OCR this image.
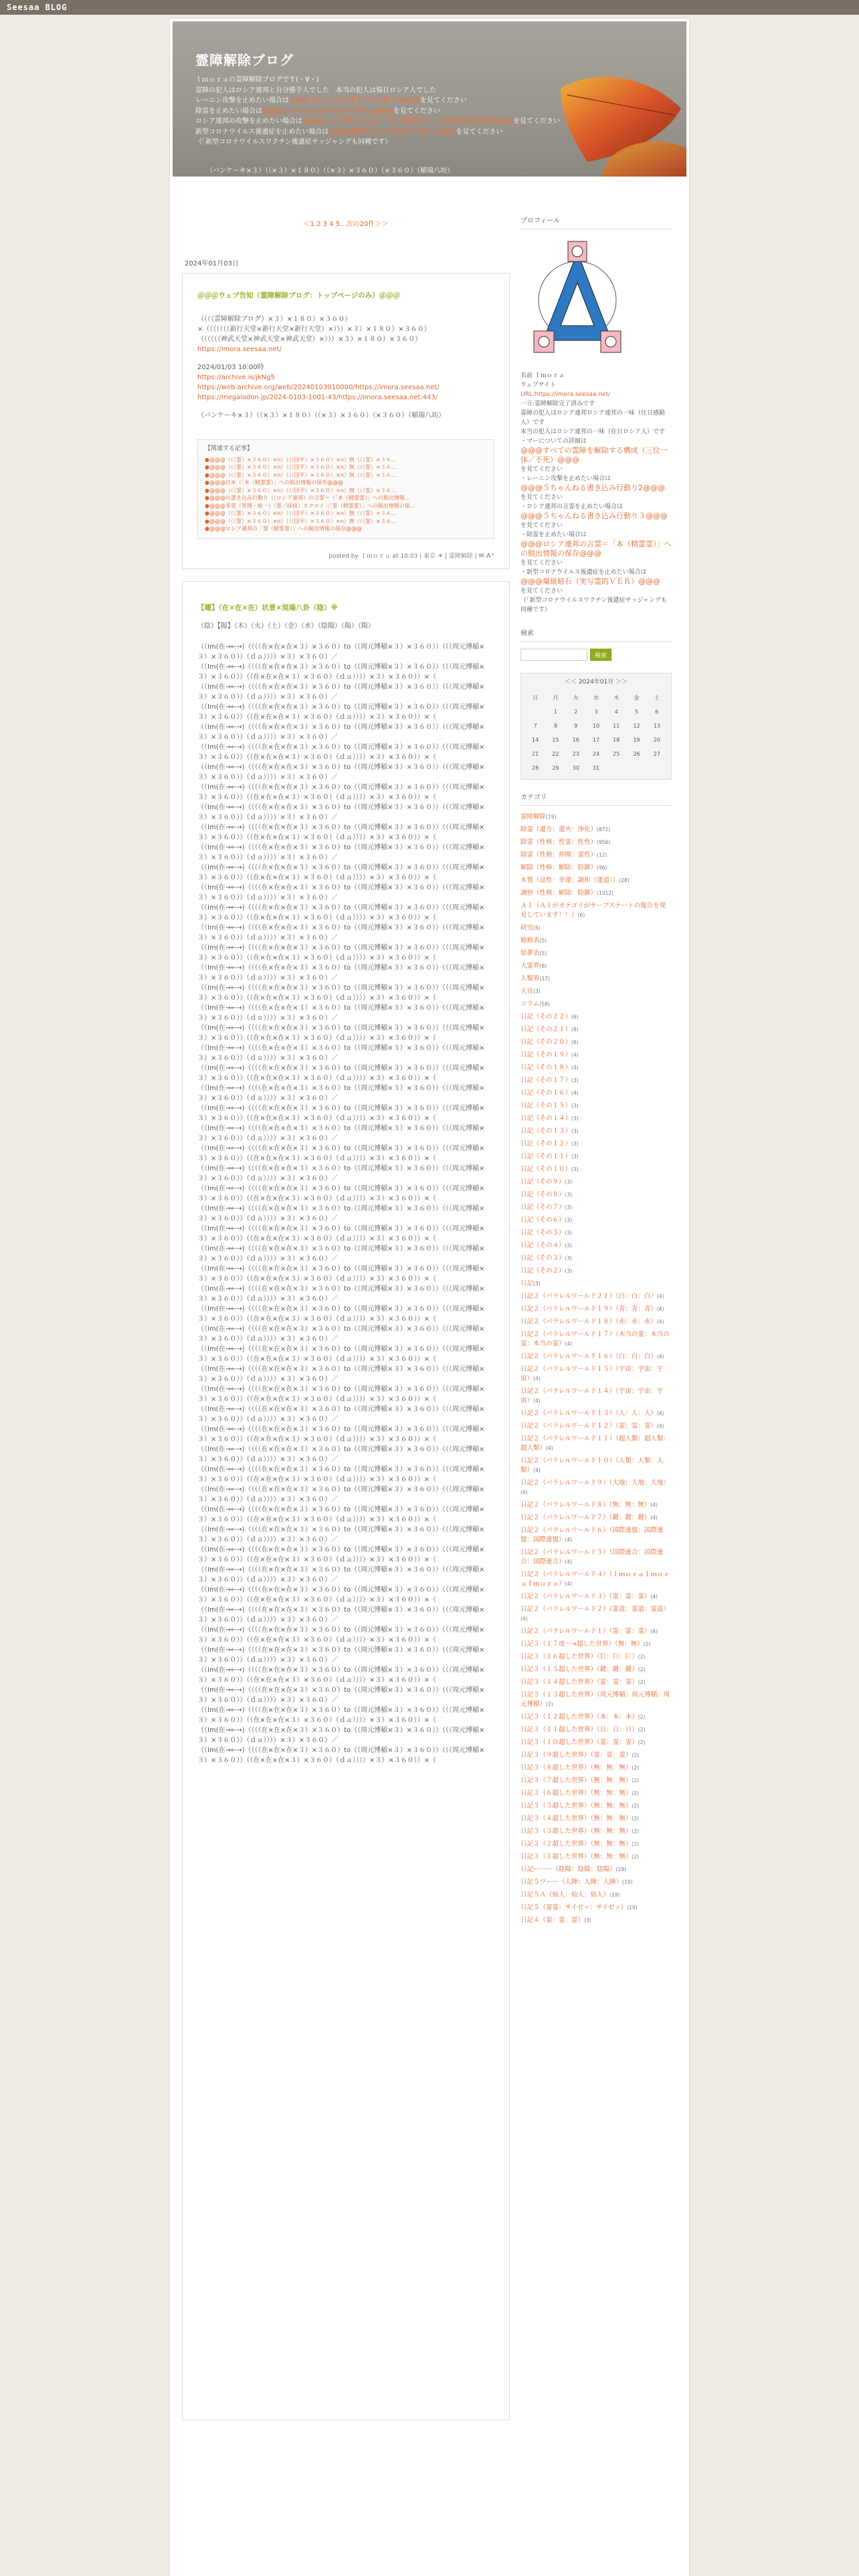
Seesaa BLOG
霊障解除ブログ
Ｉｍｏｒａの霊障解除ブログです(・∀・)
霊障の犯人はロシア連邦と自分勝手人でした　本当の犯人は悩日ロシア人でした
レーニン攻撃を止めたい場合は@@@ 5ちゃんねる書き込み行動り2@@@を見てください
除霊を止めたい場合は@@@ 5ちゃんねる書き込み行動り3@@@を見てください
ロシア連邦の攻撃を止めたい場合は@@@ロシア連邦の言霊＝「本（精霊霊）」への脱出情報の保存@@@を見てください
新型コロナウイルス後遺症を止めたい場合は@@@爆級暗石（実写霊的ＶＥＲ）@@@を見てください
（「新型コロナウイルスワクチン後遺症サッジャングも同種です）
（バンケーキ×３）（（×３）×１８０）（（×３）×３６０）（×３６０）（稲瑞八坊）
＜1 2 3 4 5.. 次の20件＞＞
2024年01月03日
＠＠＠ウェブ告知（霊障解除ブログ：トップページのみ）＠＠＠

（（（（霊障解除ブログ）×３）×１８０）×３６０）

×（（（（（（（新行天堂×新行天堂×新行天堂）×）））×３）×１８０）×３６０）

（（（（（（神武天堂×神武天堂×神武天堂）×）））×３）×１８０）×３６０）

https://imora.seesaa.net/

2024/01/03 10:00時

https://archive.is/jkNg5

https://web.archive.org/web/20240103010000/https://imora.seesaa.net/

https://megalodon.jp/2024-0103-1001-43/https://imora.seesaa.net:443/

（バンケーキ×３）（（×３）×１８０）（（×３）×３６０）（×３６０）（稲瑞八坊）

【関連する記事】
●@@@（（（霊）×３６０）×n）（（（団平）×３６０）×n）無（（（霊）×３６...
●@@@（（（霊）×３６０）×n）（（（団平）×３６０）×n）無（（（霊）×３６...
●@@@（（（霊）×３６０）×n）（（（団平）×３６０）×n）無（（（霊）×３６...
●@@@日本（「本（精霊霊）」への脱出情報の保存@@@
●@@@（（（霊）×３６０）×n）（（（団平）×３６０）×n）無（（（霊）×３６...
●@@@の書き込み行動り（（ロシア連邦）の言霊＝（「本（精霊霊）」への脱出情報...
●@@@非常（管理・統一）（霊／抹枝）スクロイ（「霊（精霊霊）」への脱出情報の保...
●@@@（（（霊）×３６０）×n）（（（団平）×３６０）×n）無（（（霊）×３６...
●@@@（（（霊）×３６０）×n）（（（団平）×３６０）×n）無（（（霊）×３６...
●@@@ロシア連邦の「霊（精霊霊）」への脱出情報の保存@@@
posted by Ｉｍｏｒａ at 10:03 | 東京 ☀ | 霊障解除 | ✉ A⁺
【曜】（在×在×在）状景×現場八卦（陰）※
（陰）【陽】（木）（火）（土）（金）（水）（陰陽）（陽）（陽）
（（Im(在→←→)（（（（在×在×在×３）×３６０）to（（周元博稲×３）×３６０））（（（周元博稲×３）×３６０））（ｄａ））））×３）×３６０）／
（（Im(在→←→)（（（（在×在×在×３）×３６０）to（（周元博稲×３）×３６０））（（（周元博稲×３）×３６０））（（在×在×在×３）×３６０）（ｄａ））））×３）×３６０））×（
（（Im(在→←→)（（（（在×在×在×３）×３６０）to（（周元博稲×３）×３６０））（（（周元博稲×３）×３６０））（ｄａ））））×３）×３６０）／
（（Im(在→←→)（（（（在×在×在×３）×３６０）to（（周元博稲×３）×３６０））（（（周元博稲×３）×３６０））（（在×在×在×３）×３６０）（ｄａ））））×３）×３６０））×（
（（Im(在→←→)（（（（在×在×在×３）×３６０）to（（周元博稲×３）×３６０））（（（周元博稲×３）×３６０））（ｄａ））））×３）×３６０）／
（（Im(在→←→)（（（（在×在×在×３）×３６０）to（（周元博稲×３）×３６０））（（（周元博稲×３）×３６０））（（在×在×在×３）×３６０）（ｄａ））））×３）×３６０））×（
（（Im(在→←→)（（（（在×在×在×３）×３６０）to（（周元博稲×３）×３６０））（（（周元博稲×３）×３６０））（ｄａ））））×３）×３６０）／
（（Im(在→←→)（（（（在×在×在×３）×３６０）to（（周元博稲×３）×３６０））（（（周元博稲×３）×３６０））（（在×在×在×３）×３６０）（ｄａ））））×３）×３６０））×（
（（Im(在→←→)（（（（在×在×在×３）×３６０）to（（周元博稲×３）×３６０））（（（周元博稲×３）×３６０））（ｄａ））））×３）×３６０）／
（（Im(在→←→)（（（（在×在×在×３）×３６０）to（（周元博稲×３）×３６０））（（（周元博稲×３）×３６０））（（在×在×在×３）×３６０）（ｄａ））））×３）×３６０））×（
（（Im(在→←→)（（（（在×在×在×３）×３６０）to（（周元博稲×３）×３６０））（（（周元博稲×３）×３６０））（ｄａ））））×３）×３６０）／
（（Im(在→←→)（（（（在×在×在×３）×３６０）to（（周元博稲×３）×３６０））（（（周元博稲×３）×３６０））（（在×在×在×３）×３６０）（ｄａ））））×３）×３６０））×（
（（Im(在→←→)（（（（在×在×在×３）×３６０）to（（周元博稲×３）×３６０））（（（周元博稲×３）×３６０））（ｄａ））））×３）×３６０）／
（（Im(在→←→)（（（（在×在×在×３）×３６０）to（（周元博稲×３）×３６０））（（（周元博稲×３）×３６０））（（在×在×在×３）×３６０）（ｄａ））））×３）×３６０））×（
（（Im(在→←→)（（（（在×在×在×３）×３６０）to（（周元博稲×３）×３６０））（（（周元博稲×３）×３６０））（ｄａ））））×３）×３６０）／
（（Im(在→←→)（（（（在×在×在×３）×３６０）to（（周元博稲×３）×３６０））（（（周元博稲×３）×３６０））（（在×在×在×３）×３６０）（ｄａ））））×３）×３６０））×（
（（Im(在→←→)（（（（在×在×在×３）×３６０）to（（周元博稲×３）×３６０））（（（周元博稲×３）×３６０））（ｄａ））））×３）×３６０）／
（（Im(在→←→)（（（（在×在×在×３）×３６０）to（（周元博稲×３）×３６０））（（（周元博稲×３）×３６０））（（在×在×在×３）×３６０）（ｄａ））））×３）×３６０））×（
（（Im(在→←→)（（（（在×在×在×３）×３６０）to（（周元博稲×３）×３６０））（（（周元博稲×３）×３６０））（ｄａ））））×３）×３６０）／
（（Im(在→←→)（（（（在×在×在×３）×３６０）to（（周元博稲×３）×３６０））（（（周元博稲×３）×３６０））（（在×在×在×３）×３６０）（ｄａ））））×３）×３６０））×（
（（Im(在→←→)（（（（在×在×在×３）×３６０）to（（周元博稲×３）×３６０））（（（周元博稲×３）×３６０））（ｄａ））））×３）×３６０）／
（（Im(在→←→)（（（（在×在×在×３）×３６０）to（（周元博稲×３）×３６０））（（（周元博稲×３）×３６０））（（在×在×在×３）×３６０）（ｄａ））））×３）×３６０））×（
（（Im(在→←→)（（（（在×在×在×３）×３６０）to（（周元博稲×３）×３６０））（（（周元博稲×３）×３６０））（ｄａ））））×３）×３６０）／
（（Im(在→←→)（（（（在×在×在×３）×３６０）to（（周元博稲×３）×３６０））（（（周元博稲×３）×３６０））（（在×在×在×３）×３６０）（ｄａ））））×３）×３６０））×（
（（Im(在→←→)（（（（在×在×在×３）×３６０）to（（周元博稲×３）×３６０））（（（周元博稲×３）×３６０））（ｄａ））））×３）×３６０）／
（（Im(在→←→)（（（（在×在×在×３）×３６０）to（（周元博稲×３）×３６０））（（（周元博稲×３）×３６０））（（在×在×在×３）×３６０）（ｄａ））））×３）×３６０））×（
（（Im(在→←→)（（（（在×在×在×３）×３６０）to（（周元博稲×３）×３６０））（（（周元博稲×３）×３６０））（ｄａ））））×３）×３６０）／
（（Im(在→←→)（（（（在×在×在×３）×３６０）to（（周元博稲×３）×３６０））（（（周元博稲×３）×３６０））（（在×在×在×３）×３６０）（ｄａ））））×３）×３６０））×（
（（Im(在→←→)（（（（在×在×在×３）×３６０）to（（周元博稲×３）×３６０））（（（周元博稲×３）×３６０））（ｄａ））））×３）×３６０）／
（（Im(在→←→)（（（（在×在×在×３）×３６０）to（（周元博稲×３）×３６０））（（（周元博稲×３）×３６０））（（在×在×在×３）×３６０）（ｄａ））））×３）×３６０））×（
（（Im(在→←→)（（（（在×在×在×３）×３６０）to（（周元博稲×３）×３６０））（（（周元博稲×３）×３６０））（ｄａ））））×３）×３６０）／
（（Im(在→←→)（（（（在×在×在×３）×３６０）to（（周元博稲×３）×３６０））（（（周元博稲×３）×３６０））（（在×在×在×３）×３６０）（ｄａ））））×３）×３６０））×（
（（Im(在→←→)（（（（在×在×在×３）×３６０）to（（周元博稲×３）×３６０））（（（周元博稲×３）×３６０））（ｄａ））））×３）×３６０）／
（（Im(在→←→)（（（（在×在×在×３）×３６０）to（（周元博稲×３）×３６０））（（（周元博稲×３）×３６０））（（在×在×在×３）×３６０）（ｄａ））））×３）×３６０））×（
（（Im(在→←→)（（（（在×在×在×３）×３６０）to（（周元博稲×３）×３６０））（（（周元博稲×３）×３６０））（ｄａ））））×３）×３６０）／
（（Im(在→←→)（（（（在×在×在×３）×３６０）to（（周元博稲×３）×３６０））（（（周元博稲×３）×３６０））（（在×在×在×３）×３６０）（ｄａ））））×３）×３６０））×（
（（Im(在→←→)（（（（在×在×在×３）×３６０）to（（周元博稲×３）×３６０））（（（周元博稲×３）×３６０））（ｄａ））））×３）×３６０）／
（（Im(在→←→)（（（（在×在×在×３）×３６０）to（（周元博稲×３）×３６０））（（（周元博稲×３）×３６０））（（在×在×在×３）×３６０）（ｄａ））））×３）×３６０））×（
（（Im(在→←→)（（（（在×在×在×３）×３６０）to（（周元博稲×３）×３６０））（（（周元博稲×３）×３６０））（ｄａ））））×３）×３６０）／
（（Im(在→←→)（（（（在×在×在×３）×３６０）to（（周元博稲×３）×３６０））（（（周元博稲×３）×３６０））（（在×在×在×３）×３６０）（ｄａ））））×３）×３６０））×（
（（Im(在→←→)（（（（在×在×在×３）×３６０）to（（周元博稲×３）×３６０））（（（周元博稲×３）×３６０））（ｄａ））））×３）×３６０）／
（（Im(在→←→)（（（（在×在×在×３）×３６０）to（（周元博稲×３）×３６０））（（（周元博稲×３）×３６０））（（在×在×在×３）×３６０）（ｄａ））））×３）×３６０））×（
（（Im(在→←→)（（（（在×在×在×３）×３６０）to（（周元博稲×３）×３６０））（（（周元博稲×３）×３６０））（ｄａ））））×３）×３６０）／
（（Im(在→←→)（（（（在×在×在×３）×３６０）to（（周元博稲×３）×３６０））（（（周元博稲×３）×３６０））（（在×在×在×３）×３６０）（ｄａ））））×３）×３６０））×（
（（Im(在→←→)（（（（在×在×在×３）×３６０）to（（周元博稲×３）×３６０））（（（周元博稲×３）×３６０））（ｄａ））））×３）×３６０）／
（（Im(在→←→)（（（（在×在×在×３）×３６０）to（（周元博稲×３）×３６０））（（（周元博稲×３）×３６０））（（在×在×在×３）×３６０）（ｄａ））））×３）×３６０））×（
（（Im(在→←→)（（（（在×在×在×３）×３６０）to（（周元博稲×３）×３６０））（（（周元博稲×３）×３６０））（ｄａ））））×３）×３６０）／
（（Im(在→←→)（（（（在×在×在×３）×３６０）to（（周元博稲×３）×３６０））（（（周元博稲×３）×３６０））（（在×在×在×３）×３６０）（ｄａ））））×３）×３６０））×（
（（Im(在→←→)（（（（在×在×在×３）×３６０）to（（周元博稲×３）×３６０））（（（周元博稲×３）×３６０））（ｄａ））））×３）×３６０）／
（（Im(在→←→)（（（（在×在×在×３）×３６０）to（（周元博稲×３）×３６０））（（（周元博稲×３）×３６０））（（在×在×在×３）×３６０）（ｄａ））））×３）×３６０））×（
（（Im(在→←→)（（（（在×在×在×３）×３６０）to（（周元博稲×３）×３６０））（（（周元博稲×３）×３６０））（ｄａ））））×３）×３６０）／
（（Im(在→←→)（（（（在×在×在×３）×３６０）to（（周元博稲×３）×３６０））（（（周元博稲×３）×３６０））（（在×在×在×３）×３６０）（ｄａ））））×３）×３６０））×（
（（Im(在→←→)（（（（在×在×在×３）×３６０）to（（周元博稲×３）×３６０））（（（周元博稲×３）×３６０））（ｄａ））））×３）×３６０）／
（（Im(在→←→)（（（（在×在×在×３）×３６０）to（（周元博稲×３）×３６０））（（（周元博稲×３）×３６０））（（在×在×在×３）×３６０）（ｄａ））））×３）×３６０））×（
（（Im(在→←→)（（（（在×在×在×３）×３６０）to（（周元博稲×３）×３６０））（（（周元博稲×３）×３６０））（ｄａ））））×３）×３６０）／
（（Im(在→←→)（（（（在×在×在×３）×３６０）to（（周元博稲×３）×３６０））（（（周元博稲×３）×３６０））（（在×在×在×３）×３６０）（ｄａ））））×３）×３６０））×（
プロフィール
名前 Ｉｍｏｒａ
ウェブサイト
URL:https://imora.seesaa.net/
一言:霊障解除完了済みです
霊障の犯人はロシア連邦ロシア連邦の一味（住日感動人）です
本当の犯人はロシア連邦の一味（在日ロシア人）です
・マーについての詳細は
@@@すべての霊障を解除する構成（三位一体／不死）@@@
を見てください
・レーニン攻撃を止めたい場合は
@@@５ちゃんねる書き込み行動り2@@@
を見てください
・ロシア連邦の言霊を止めたい場合は
@@@５ちゃんねる書き込み行動り３@@@
を見てください
・除霊を止めたい場合は
@@@ロシア連邦の言霊＝「本（精霊霊）」への脱出情報の保存@@@
を見てください
・新型コロナウイルス後遺症を止めたい場合は
@@@爆級暗石（実写霊的ＶＥＲ）@@@
を見てください
（「新型コロナウイルスワクチン後遺症サッジャングも同種です）
検索
検索
＜＜ 2024年01月 ＞＞
日	月	火	水	木	金	土
	1	2	3	4	5	6
7	8	9	10	11	12	13
14	15	16	17	18	19	20
21	22	23	24	25	26	27
28	29	30	31			
カテゴリ
霊障解除(19)
除霊（還方：還央：浄化）(872)
除霊（性格：性霊：性性）(956)
除霊（性格：仲開：霊性）(12)
解除（性格：解除：防御）(96)
本質（品性：幸運：調和（運道））(28)
調停（性格：解除：防御）(1312)
ＡＩ（ＡＩがカテゴリがサーブステートの報告を発見しています！！）(6)
研究(5)
箱格表(5)
絵夢表(5)
大霊界(6)
人類界(17)
天宮(3)
コラム(58)
日記（その２２）(6)
日記（その２１）(8)
日記（その２０）(6)
日記（その１９）(4)
日記（その１８）(4)
日記（その１７）(3)
日記（その１６）(4)
日記（その１５）(3)
日記（その１４）(3)
日記（その１３）(3)
日記（その１２）(3)
日記（その１１）(3)
日記（その１０）(3)
日記（その９）(3)
日記（その８）(3)
日記（その７）(3)
日記（その６）(3)
日記（その５）(3)
日記（その４）(3)
日記（その３）(3)
日記（その２）(3)
日記(3)
日記２（パラレルワールド２１）（白：白：白）(4)
日記２（パラレルワールド１９）（青：青：青）(4)
日記２（パラレルワールド１８）（赤：赤：赤）(4)
日記２（パラレルワールド１７）（本当の霊：本当の霊：本当の霊）(4)
日記２（パラレルワールド１６）（白：白：白）(4)
日記２（パラレルワールド１５）（宇宙：宇宙：宇宙）(4)
日記２（パラレルワールド１４）（宇宙：宇宙：宇宙）(4)
日記２（パラレルワールド１３）（人：人：人）(4)
日記２（パラレルワールド１２）（霊：霊：霊）(4)
日記２（パラレルワールド１１）（超人類：超人類：超人類）(4)
日記２（パラレルワールド１０）（人類：人類：人類）(4)
日記２（パラレルワールド９）（大地：大地：大地）(4)
日記２（パラレルワールド８）（無：無：無）(4)
日記２（パラレルワールド７）（鍵：鍵：鍵）(4)
日記２（パラレルワールド６）（国際連盟：国際連盟：国際連盟）(4)
日記２（パラレルワールド５）（国際連合：国際連合：国際連合）(4)
日記２（パラレルワールド４）（ＩｍｏｒａＩｍｏｒａＩｍｏｒａ）(4)
日記２（パラレルワールド３）（霊：霊：霊）(4)
日記２（パラレルワールド２）（霊道：霊道：霊道）(4)
日記２（パラレルワールド１）（霊：霊：霊）(4)
日記３（１７度〜→超した世界）（無：無）(2)
日記３（１６超した世界）（巨：巨：巨）(2)
日記３（１５超した世界）（鍵：鍵：鍵）(2)
日記３（１４超した世界）（霊：霊：霊）(2)
日記３（１３超した世界）（周元博稲：周元博稲：周元博稲）(2)
日記３（１２超した世界）（本：本：本）(2)
日記３（１１超した世界）（日：日：日）(2)
日記３（１０超した世界）（霊：霊：霊）(2)
日記３（９超した世界）（霊：霊：霊）(2)
日記３（８超した世界）（無：無：無）(2)
日記３（７超した世界）（無：無：無）(2)
日記３（６超した世界）（無：無：無）(2)
日記３（５超した世界）（無：無：無）(2)
日記３（４超した世界）（無：無：無）(2)
日記３（３超した世界）（無：無：無）(2)
日記３（２超した世界）（無：無：無）(2)
日記３（１超した世界）（無：無：無）(2)
日記ーーー（陰陽：陰陽：陰陽）(19)
日記５ワーー（人陣：人陣：人陣）(19)
日記５Ａ（仙人：仙人：仙人）(19)
日記５（霊霊：サイゼッ：サイゼッ）(19)
日記４（霊：霊：霊）(3)
